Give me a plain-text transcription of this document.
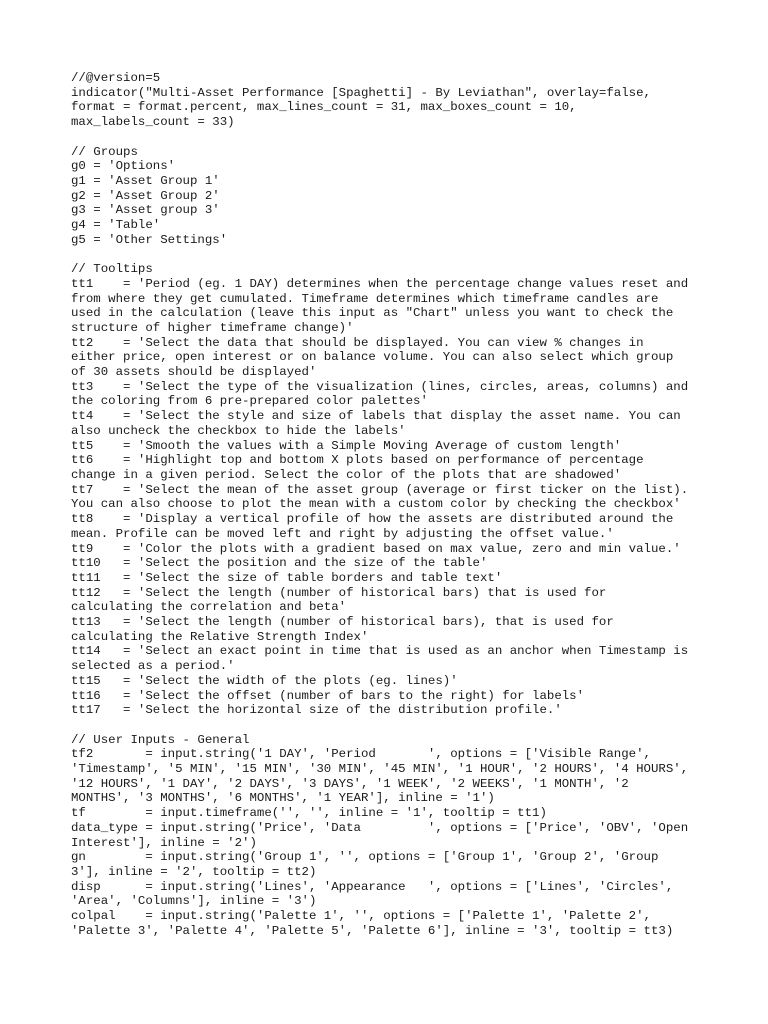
//@version=5

indicator("Multi-Asset Performance [Spaghetti] - By Leviathan", overlay=false,

format = format.percent, max_lines_count = 31, max_boxes_count = 10,

max_labels_count = 33)

// Groups

g0 = 'Options'

g1 = 'Asset Group 1'

g2 = 'Asset Group 2'

g3 = 'Asset group 3'

g4 = 'Table'

g5 = 'Other Settings'

// Tooltips

tt1    = 'Period (eg. 1 DAY) determines when the percentage change values reset and

from where they get cumulated. Timeframe determines which timeframe candles are

used in the calculation (leave this input as "Chart" unless you want to check the

structure of higher timeframe change)'

tt2    = 'Select the data that should be displayed. You can view % changes in

either price, open interest or on balance volume. You can also select which group

of 30 assets should be displayed'

tt3    = 'Select the type of the visualization (lines, circles, areas, columns) and

the coloring from 6 pre-prepared color palettes'

tt4    = 'Select the style and size of labels that display the asset name. You can

also uncheck the checkbox to hide the labels'

tt5    = 'Smooth the values with a Simple Moving Average of custom length'

tt6    = 'Highlight top and bottom X plots based on performance of percentage

change in a given period. Select the color of the plots that are shadowed'

tt7    = 'Select the mean of the asset group (average or first ticker on the list).

You can also choose to plot the mean with a custom color by checking the checkbox'

tt8    = 'Display a vertical profile of how the assets are distributed around the

mean. Profile can be moved left and right by adjusting the offset value.'

tt9    = 'Color the plots with a gradient based on max value, zero and min value.'

tt10   = 'Select the position and the size of the table'

tt11   = 'Select the size of table borders and table text'

tt12   = 'Select the length (number of historical bars) that is used for

calculating the correlation and beta'

tt13   = 'Select the length (number of historical bars), that is used for

calculating the Relative Strength Index'

tt14   = 'Select an exact point in time that is used as an anchor when Timestamp is

selected as a period.'

tt15   = 'Select the width of the plots (eg. lines)'

tt16   = 'Select the offset (number of bars to the right) for labels'

tt17   = 'Select the horizontal size of the distribution profile.'

// User Inputs - General

tf2       = input.string('1 DAY', 'Period       ', options = ['Visible Range',

'Timestamp', '5 MIN', '15 MIN', '30 MIN', '45 MIN', '1 HOUR', '2 HOURS', '4 HOURS',

'12 HOURS', '1 DAY', '2 DAYS', '3 DAYS', '1 WEEK', '2 WEEKS', '1 MONTH', '2

MONTHS', '3 MONTHS', '6 MONTHS', '1 YEAR'], inline = '1')

tf        = input.timeframe('', '', inline = '1', tooltip = tt1)

data_type = input.string('Price', 'Data         ', options = ['Price', 'OBV', 'Open

Interest'], inline = '2')

gn        = input.string('Group 1', '', options = ['Group 1', 'Group 2', 'Group

3'], inline = '2', tooltip = tt2)

disp      = input.string('Lines', 'Appearance   ', options = ['Lines', 'Circles',

'Area', 'Columns'], inline = '3')

colpal    = input.string('Palette 1', '', options = ['Palette 1', 'Palette 2',

'Palette 3', 'Palette 4', 'Palette 5', 'Palette 6'], inline = '3', tooltip = tt3)
